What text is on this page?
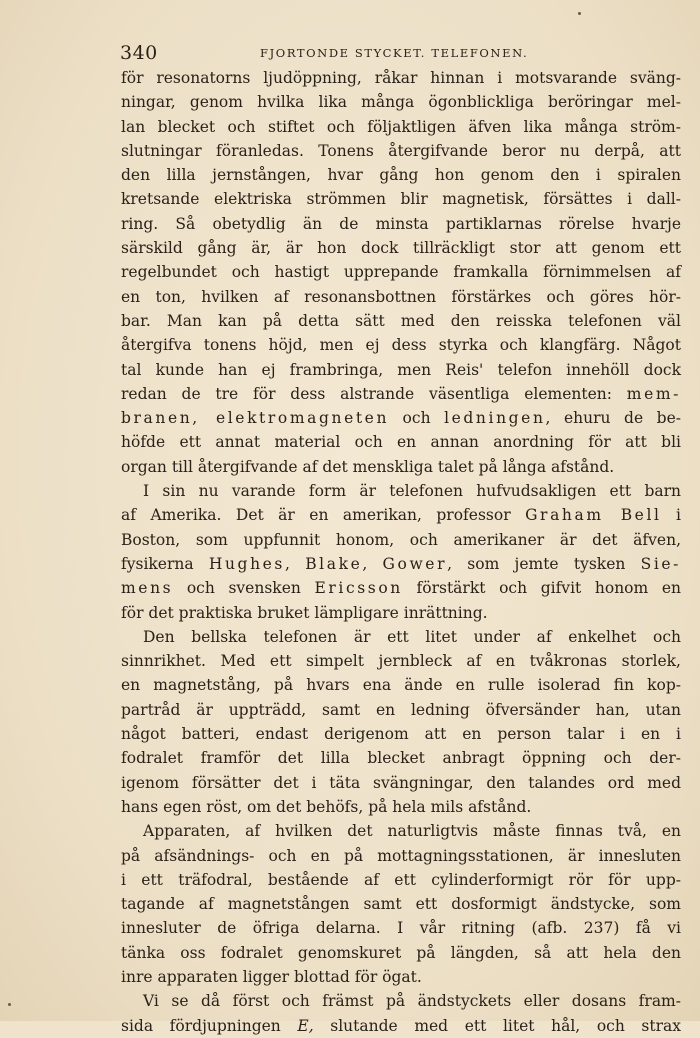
340	FJORTONDE STYCKET. TELEFONEN.
för resonatorns ljudöppning, råkar hinnan i motsvarande sväng-
ningar, genom hvilka lika många ögonblickliga beröringar mel-
lan blecket och stiftet och följaktligen äfven lika många ström-
slutningar föranledas. Tonens återgifvande beror nu derpå, att
den lilla jernstången, hvar gång hon genom den i spiralen
kretsande elektriska strömmen blir magnetisk, försättes i dall-
ring. Så obetydlig än de minsta partiklarnas rörelse hvarje
särskild gång är, är hon dock tillräckligt stor att genom ett
regelbundet och hastigt upprepande framkalla förnimmelsen af
en ton, hvilken af resonansbottnen förstärkes och göres hör-
bar. Man kan på detta sätt med den reisska telefonen väl
återgifva tonens höjd, men ej dess styrka och klangfärg. Något
tal kunde han ej frambringa, men Reis' telefon innehöll dock
redan de tre för dess alstrande väsentliga elementen: mem-
branen, elektromagneten och ledningen, ehuru de be-
höfde ett annat material och en annan anordning för att bli
organ till återgifvande af det menskliga talet på långa afstånd.
I sin nu varande form är telefonen hufvudsakligen ett barn
af Amerika. Det är en amerikan, professor Graham Bell i
Boston, som uppfunnit honom, och amerikaner är det äfven,
fysikerna Hughes, Blake, Gower, som jemte tysken Sie-
mens och svensken Ericsson förstärkt och gifvit honom en
för det praktiska bruket lämpligare inrättning.
Den bellska telefonen är ett litet under af enkelhet och
sinnrikhet. Med ett simpelt jernbleck af en tvåkronas storlek,
en magnetstång, på hvars ena ände en rulle isolerad fin kop-
partråd är uppträdd, samt en ledning öfversänder han, utan
något batteri, endast derigenom att en person talar i en i
fodralet framför det lilla blecket anbragt öppning och der-
igenom försätter det i täta svängningar, den talandes ord med
hans egen röst, om det behöfs, på hela mils afstånd.
Apparaten, af hvilken det naturligtvis måste finnas två, en
på afsändnings- och en på mottagningsstationen, är innesluten
i ett träfodral, bestående af ett cylinderformigt rör för upp-
tagande af magnetstången samt ett dosformigt ändstycke, som
innesluter de öfriga delarna. I vår ritning (afb. 237) få vi
tänka oss fodralet genomskuret på längden, så att hela den
inre apparaten ligger blottad för ögat.
Vi se då först och främst på ändstyckets eller dosans fram-
sida fördjupningen E, slutande med ett litet hål, och strax
